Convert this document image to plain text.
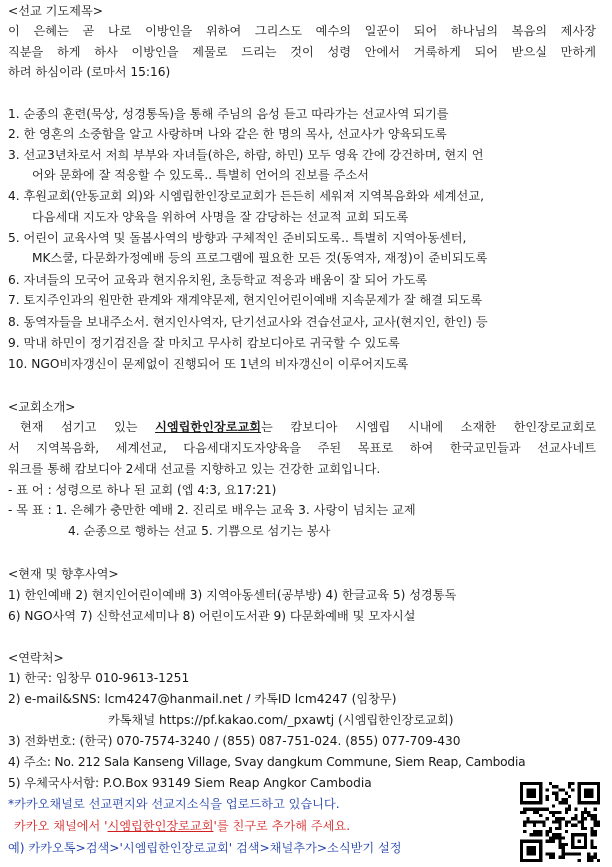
<선교 기도제목>
이 은혜는 곧 나로 이방인을 위하여 그리스도 예수의 일꾼이 되어 하나님의 복음의 제사장
직분을 하게 하사 이방인을 제물로 드리는 것이 성령 안에서 거룩하게 되어 받으실 만하게
하려 하심이라 (로마서 15:16)
1. 순종의 훈련(묵상, 성경통독)을 통해 주님의 음성 듣고 따라가는 선교사역 되기를
2. 한 영혼의 소중함을 알고 사랑하며 나와 같은 한 명의 목사, 선교사가 양육되도록
3. 선교3년차로서 저희 부부와 자녀들(하은, 하람, 하민) 모두 영육 간에 강건하며, 현지 언
어와 문화에 잘 적응할 수 있도록.. 특별히 언어의 진보를 주소서
4. 후원교회(안동교회 외)와 시엠립한인장로교회가 든든히 세워져 지역복음화와 세계선교,
다음세대 지도자 양육을 위하여 사명을 잘 감당하는 선교적 교회 되도록
5. 어린이 교육사역 및 돌봄사역의 방향과 구체적인 준비되도록.. 특별히 지역아동센터,
MK스쿨, 다문화가정예배 등의 프로그램에 필요한 모든 것(동역자, 재정)이 준비되도록
6. 자녀들의 모국어 교육과 현지유치원, 초등학교 적응과 배움이 잘 되어 가도록
7. 토지주인과의 원만한 관계와 재계약문제, 현지인어린이예배 지속문제가 잘 해결 되도록
8. 동역자들을 보내주소서. 현지인사역자, 단기선교사와 견습선교사, 교사(현지인, 한인) 등
9. 막내 하민이 정기검진을 잘 마치고 무사히 캄보디아로 귀국할 수 있도록
10. NGO비자갱신이 문제없이 진행되어 또 1년의 비자갱신이 이루어지도록
<교회소개>
현재 섬기고 있는 시엠립한인장로교회는 캄보디아 시엠립 시내에 소재한 한인장로교회로
서 지역복음화, 세계선교, 다음세대지도자양육을 주된 목표로 하여 한국교민들과 선교사네트
워크를 통해 캄보디아 2세대 선교를 지향하고 있는 건강한 교회입니다.
- 표 어 : 성령으로 하나 된 교회 (엡 4:3, 요17:21)
- 목 표 : 1. 은혜가 충만한 예배 2. 진리로 배우는 교육 3. 사랑이 넘치는 교제
4. 순종으로 행하는 선교 5. 기쁨으로 섬기는 봉사
<현재 및 향후사역>
1) 한인예배 2) 현지인어린이예배 3) 지역아동센터(공부방) 4) 한글교육 5) 성경통독
6) NGO사역 7) 신학선교세미나 8) 어린이도서관 9) 다문화예배 및 모자시설
<연락처>
1) 한국: 임창무 010-9613-1251
2) e-mail&SNS: lcm4247@hanmail.net / 카톡ID lcm4247 (임창무)
카톡채널 https://pf.kakao.com/_pxawtj (시엠립한인장로교회)
3) 전화번호: (한국) 070-7574-3240 / (855) 087-751-024. (855) 077-709-430
4) 주소: No. 212 Sala Kanseng Village, Svay dangkum Commune, Siem Reap, Cambodia
5) 우체국사서함: P.O.Box 93149 Siem Reap Angkor Cambodia
*카카오채널로 선교편지와 선교지소식을 업로드하고 있습니다.
카카오 채널에서 '시엠립한인장로교회'를 친구로 추가해 주세요.
예) 카카오톡>검색>'시엠립한인장로교회' 검색>채널추가>소식받기 설정
